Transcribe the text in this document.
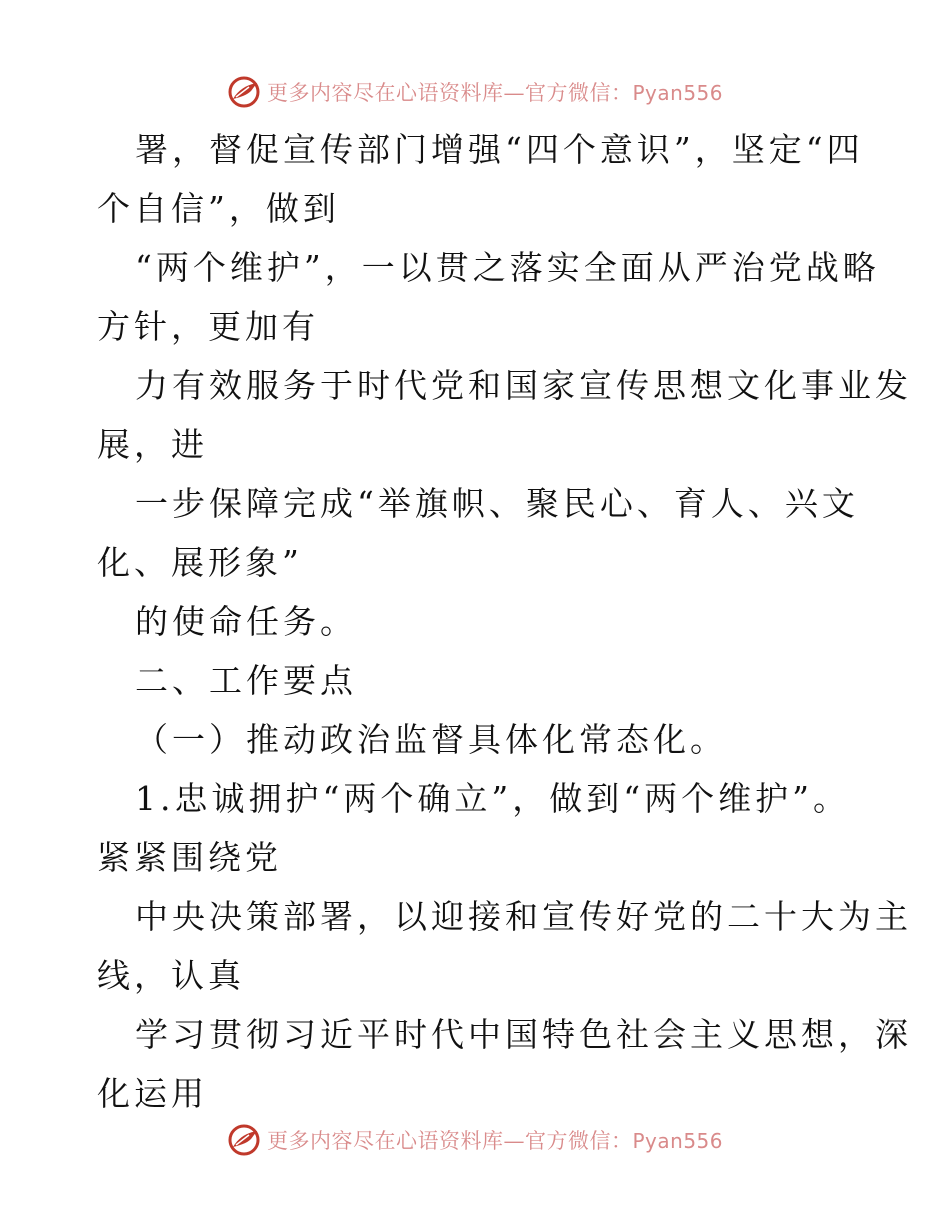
更多内容尽在心语资料库—官方微信：Pyan556
署，督促宣传部门增强“四个意识”，坚定“四
个自信”，做到
“两个维护”，一以贯之落实全面从严治党战略
方针，更加有
力有效服务于时代党和国家宣传思想文化事业发
展，进
一步保障完成“举旗帜、聚民心、育人、兴文
化、展形象”
的使命任务。
二、工作要点
（一）推动政治监督具体化常态化。
1.忠诚拥护“两个确立”，做到“两个维护”。
紧紧围绕党
中央决策部署，以迎接和宣传好党的二十大为主
线，认真
学习贯彻习近平时代中国特色社会主义思想，深
化运用
更多内容尽在心语资料库—官方微信：Pyan556
